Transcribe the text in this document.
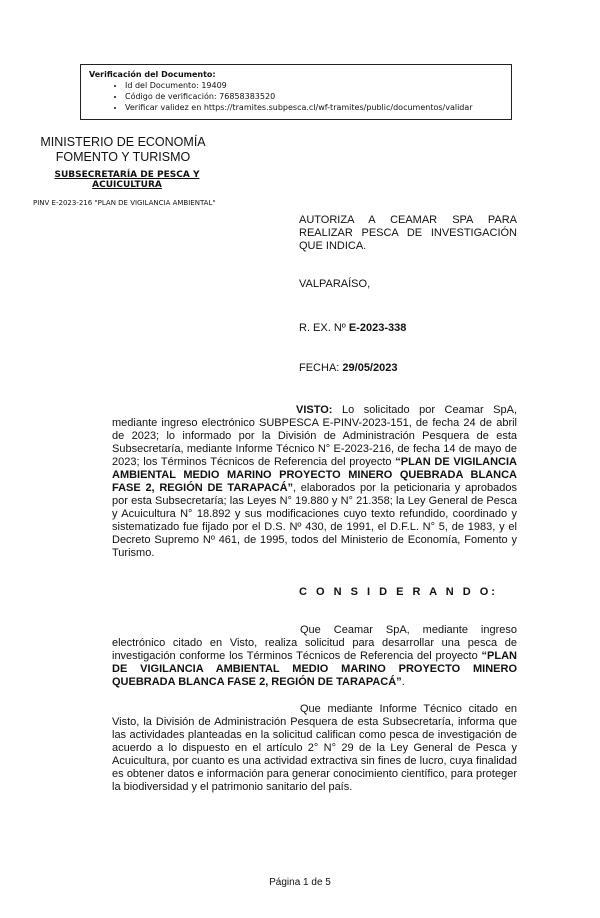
Verificación del Documento:
• Id del Documento: 19409
• Código de verificación: 76858383520
• Verificar validez en https://tramites.subpesca.cl/wf-tramites/public/documentos/validar
MINISTERIO DE ECONOMÍA
FOMENTO Y TURISMO
SUBSECRETARÍA DE PESCA Y ACUICULTURA
PINV E-2023-216 "PLAN DE VIGILANCIA AMBIENTAL"
AUTORIZA A CEAMAR SPA PARA REALIZAR PESCA DE INVESTIGACIÓN QUE INDICA.
VALPARAÍSO,
R. EX. Nº E-2023-338
FECHA: 29/05/2023
VISTO: Lo solicitado por Ceamar SpA, mediante ingreso electrónico SUBPESCA E-PINV-2023-151, de fecha 24 de abril de 2023; lo informado por la División de Administración Pesquera de esta Subsecretaría, mediante Informe Técnico N° E-2023-216, de fecha 14 de mayo de 2023; los Términos Técnicos de Referencia del proyecto “PLAN DE VIGILANCIA AMBIENTAL MEDIO MARINO PROYECTO MINERO QUEBRADA BLANCA FASE 2, REGIÓN DE TARAPACÁ”, elaborados por la peticionaria y aprobados por esta Subsecretaría; las Leyes N° 19.880 y N° 21.358; la Ley General de Pesca y Acuicultura N° 18.892 y sus modificaciones cuyo texto refundido, coordinado y sistematizado fue fijado por el D.S. Nº 430, de 1991, el D.F.L. N° 5, de 1983, y el Decreto Supremo Nº 461, de 1995, todos del Ministerio de Economía, Fomento y Turismo.
C O N S I D E R A N D O:
Que Ceamar SpA, mediante ingreso electrónico citado en Visto, realiza solicitud para desarrollar una pesca de investigación conforme los Términos Técnicos de Referencia del proyecto “PLAN DE VIGILANCIA AMBIENTAL MEDIO MARINO PROYECTO MINERO QUEBRADA BLANCA FASE 2, REGIÓN DE TARAPACÁ”.
Que mediante Informe Técnico citado en Visto, la División de Administración Pesquera de esta Subsecretaría, informa que las actividades planteadas en la solicitud califican como pesca de investigación de acuerdo a lo dispuesto en el artículo 2° N° 29 de la Ley General de Pesca y Acuicultura, por cuanto es una actividad extractiva sin fines de lucro, cuya finalidad es obtener datos e información para generar conocimiento científico, para proteger la biodiversidad y el patrimonio sanitario del país.
Página 1 de 5
